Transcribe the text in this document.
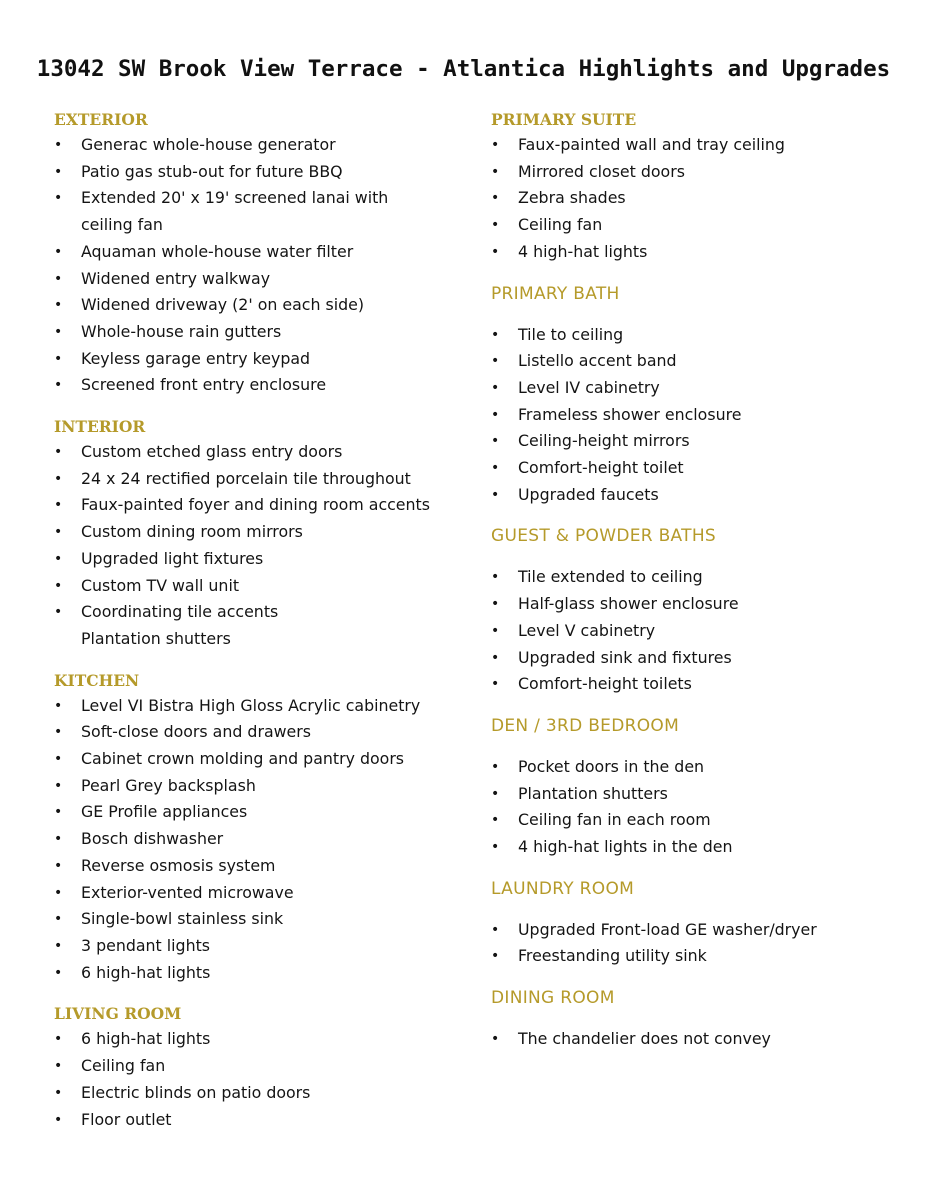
13042 SW Brook View Terrace - Atlantica Highlights and Upgrades
EXTERIOR
• Generac whole-house generator
• Patio gas stub-out for future BBQ
• Extended 20' x 19' screened lanai with
ceiling fan
• Aquaman whole-house water filter
• Widened entry walkway
• Widened driveway (2' on each side)
• Whole-house rain gutters
• Keyless garage entry keypad
• Screened front entry enclosure
INTERIOR
• Custom etched glass entry doors
• 24 x 24 rectified porcelain tile throughout
• Faux-painted foyer and dining room accents
• Custom dining room mirrors
• Upgraded light fixtures
• Custom TV wall unit
• Coordinating tile accents
Plantation shutters
KITCHEN
• Level VI Bistra High Gloss Acrylic cabinetry
• Soft-close doors and drawers
• Cabinet crown molding and pantry doors
• Pearl Grey backsplash
• GE Profile appliances
• Bosch dishwasher
• Reverse osmosis system
• Exterior-vented microwave
• Single-bowl stainless sink
• 3 pendant lights
• 6 high-hat lights
LIVING ROOM
• 6 high-hat lights
• Ceiling fan
• Electric blinds on patio doors
• Floor outlet
PRIMARY SUITE
• Faux-painted wall and tray ceiling
• Mirrored closet doors
• Zebra shades
• Ceiling fan
• 4 high-hat lights
PRIMARY BATH
• Tile to ceiling
• Listello accent band
• Level IV cabinetry
• Frameless shower enclosure
• Ceiling-height mirrors
• Comfort-height toilet
• Upgraded faucets
GUEST & POWDER BATHS
• Tile extended to ceiling
• Half-glass shower enclosure
• Level V cabinetry
• Upgraded sink and fixtures
• Comfort-height toilets
DEN / 3RD BEDROOM
• Pocket doors in the den
• Plantation shutters
• Ceiling fan in each room
• 4 high-hat lights in the den
LAUNDRY ROOM
• Upgraded Front-load GE washer/dryer
• Freestanding utility sink
DINING ROOM
• The chandelier does not convey
